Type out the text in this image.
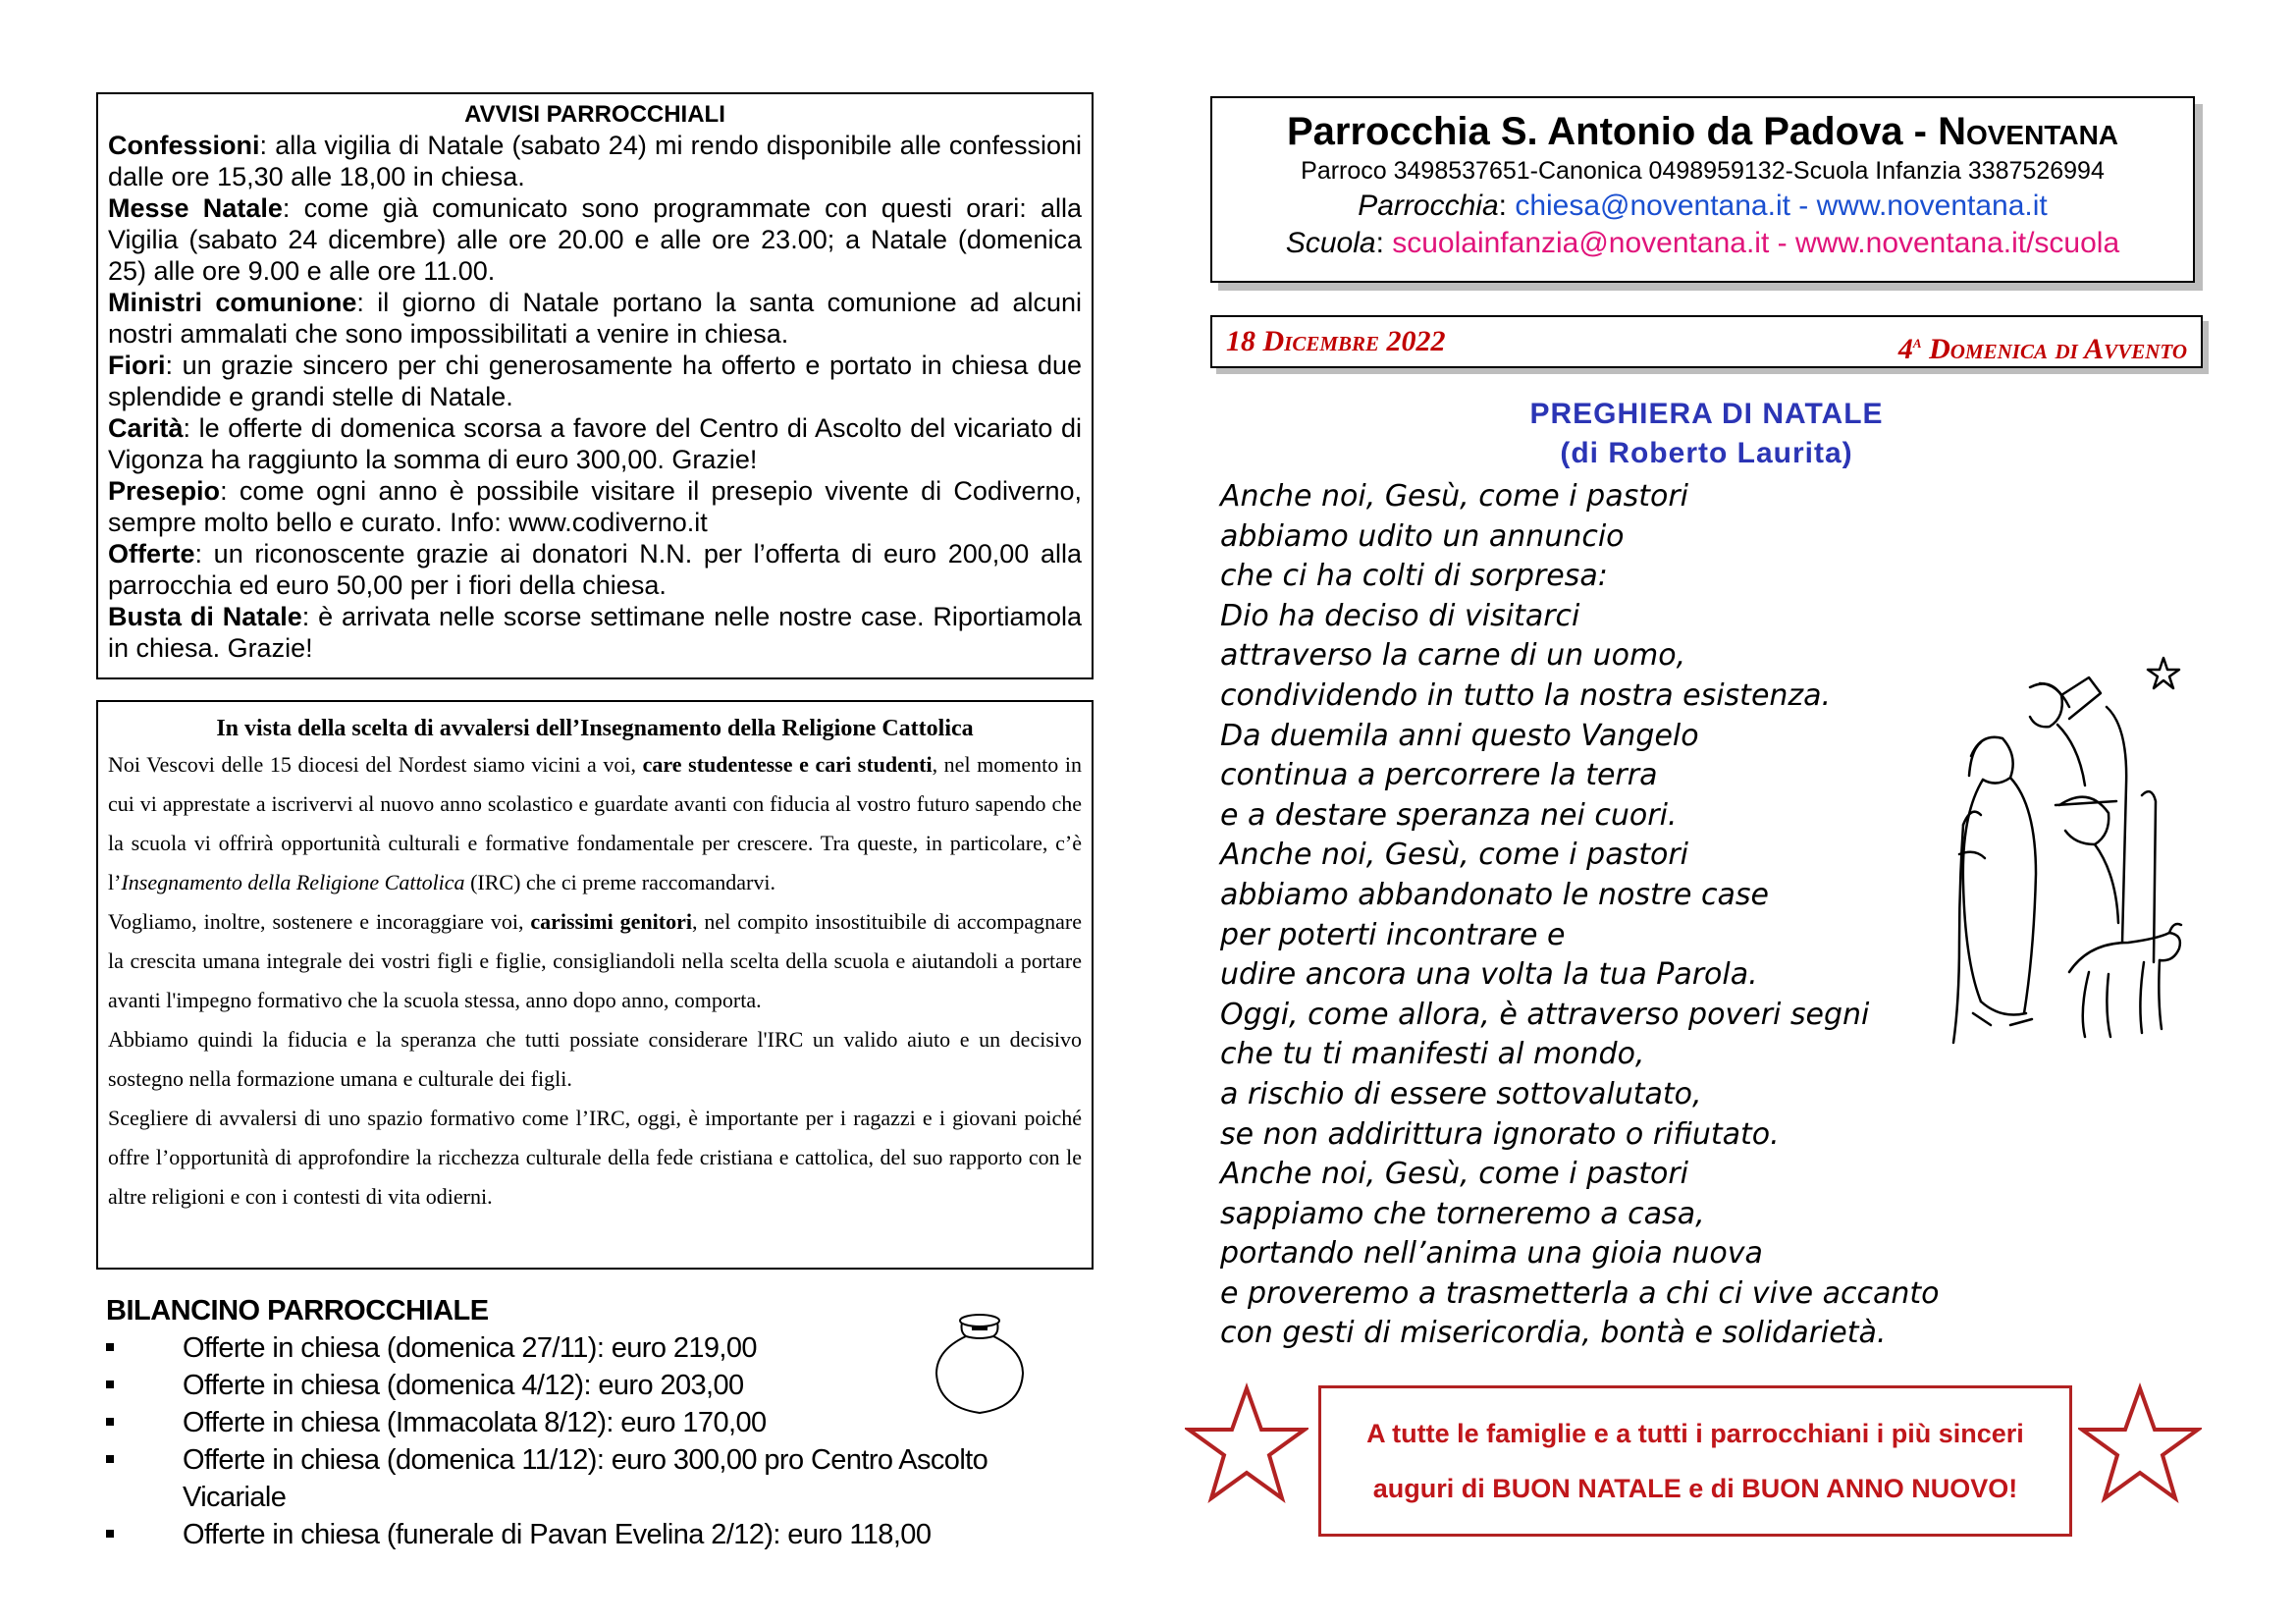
AVVISI PARROCCHIALI

Confessioni: alla vigilia di Natale (sabato 24) mi rendo disponibile alle confessioni dalle ore 15,30 alle 18,00 in chiesa.

Messe Natale: come già comunicato sono programmate con questi orari: alla Vigilia (sabato 24 dicembre) alle ore 20.00 e alle ore 23.00; a Natale (domenica 25) alle ore 9.00 e alle ore 11.00.

Ministri comunione: il giorno di Natale portano la santa comunione ad alcuni nostri ammalati che sono impossibilitati a venire in chiesa.

Fiori: un grazie sincero per chi generosamente ha offerto e portato in chiesa due splendide e grandi stelle di Natale.

Carità: le offerte di domenica scorsa a favore del Centro di Ascolto del vicariato di Vigonza ha raggiunto la somma di euro 300,00. Grazie!

Presepio: come ogni anno è possibile visitare il presepio vivente di Codiverno, sempre molto bello e curato. Info: www.codiverno.it

Offerte: un riconoscente grazie ai donatori N.N. per l’offerta di euro 200,00 alla parrocchia ed euro 50,00 per i fiori della chiesa.

Busta di Natale: è arrivata nelle scorse settimane nelle nostre case. Riportiamola in chiesa. Grazie!

In vista della scelta di avvalersi dell’Insegnamento della Religione Cattolica

Noi Vescovi delle 15 diocesi del Nordest siamo vicini a voi, care studentesse e cari studenti, nel momento in cui vi apprestate a iscrivervi al nuovo anno scolastico e guardate avanti con fiducia al vostro futuro sapendo che la scuola vi offrirà opportunità culturali e formative fondamentale per crescere. Tra queste, in particolare, c’è l’Insegnamento della Religione Cattolica (IRC) che ci preme raccomandarvi.

Vogliamo, inoltre, sostenere e incoraggiare voi, carissimi genitori, nel compito insostituibile di accompagnare la crescita umana integrale dei vostri figli e figlie, consigliandoli nella scelta della scuola e aiutandoli a portare avanti l'impegno formativo che la scuola stessa, anno dopo anno, comporta.

Abbiamo quindi la fiducia e la speranza che tutti possiate considerare l'IRC un valido aiuto e un decisivo sostegno nella formazione umana e culturale dei figli.

Scegliere di avvalersi di uno spazio formativo come l’IRC, oggi, è importante per i ragazzi e i giovani poiché offre l’opportunità di approfondire la ricchezza culturale della fede cristiana e cattolica, del suo rapporto con le altre religioni e con i contesti di vita odierni.

BILANCINO PARROCCHIALE
Offerte in chiesa (domenica 27/11): euro 219,00
Offerte in chiesa (domenica 4/12): euro 203,00
Offerte in chiesa (Immacolata 8/12): euro 170,00
Offerte in chiesa (domenica 11/12): euro 300,00 pro Centro Ascolto Vicariale
Offerte in chiesa (funerale di Pavan Evelina 2/12): euro 118,00
Parrocchia S. Antonio da Padova - Noventana
Parroco 3498537651-Canonica 0498959132-Scuola Infanzia 3387526994
Parrocchia: chiesa@noventana.it - www.noventana.it
Scuola: scuolainfanzia@noventana.it - www.noventana.it/scuola
18 Dicembre 2022	4$^a$ Domenica di Avvento
PREGHIERA DI NATALE
(di Roberto Laurita)
Anche noi, Gesù, come i pastori
abbiamo udito un annuncio
che ci ha colti di sorpresa:
Dio ha deciso di visitarci
attraverso la carne di un uomo,
condividendo in tutto la nostra esistenza.
Da duemila anni questo Vangelo
continua a percorrere la terra
e a destare speranza nei cuori.
Anche noi, Gesù, come i pastori
abbiamo abbandonato le nostre case
per poterti incontrare e
udire ancora una volta la tua Parola.
Oggi, come allora, è attraverso poveri segni
che tu ti manifesti al mondo,
a rischio di essere sottovalutato,
se non addirittura ignorato o rifiutato.
Anche noi, Gesù, come i pastori
sappiamo che torneremo a casa,
portando nell’anima una gioia nuova
e proveremo a trasmetterla a chi ci vive accanto
con gesti di misericordia, bontà e solidarietà.
A tutte le famiglie e a tutti i parrocchiani i più sinceri
auguri di BUON NATALE e di BUON ANNO NUOVO!
